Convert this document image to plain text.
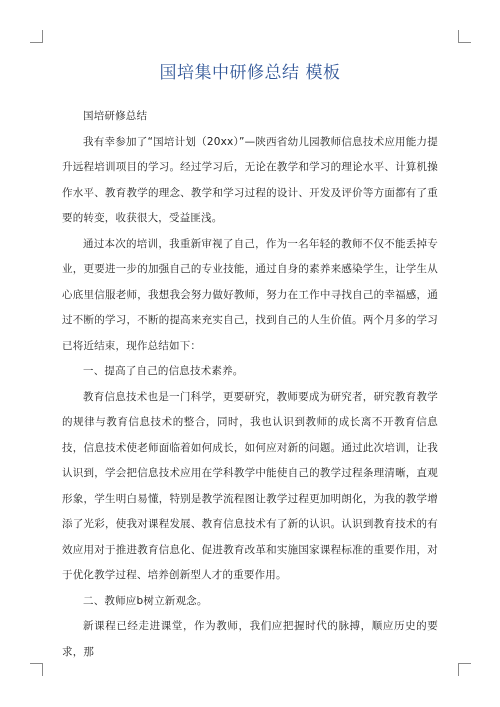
国培集中研修总结 模板

国培研修总结

我有幸参加了“国培计划（20xx）”—陕西省幼儿园教师信息技术应用能力提升远程培训项目的学习。经过学习后，无论在教学和学习的理论水平、计算机操作水平、教育教学的理念、教学和学习过程的设计、开发及评价等方面都有了重要的转变，收获很大，受益匪浅。

通过本次的培训，我重新审视了自己，作为一名年轻的教师不仅不能丢掉专业，更要进一步的加强自己的专业技能，通过自身的素养来感染学生，让学生从心底里信服老师，我想我会努力做好教师，努力在工作中寻找自己的幸福感，通过不断的学习，不断的提高来充实自己，找到自己的人生价值。两个月多的学习已将近结束，现作总结如下：

一、提高了自己的信息技术素养。

教育信息技术也是一门科学，更要研究，教师要成为研究者，研究教育教学的规律与教育信息技术的整合，同时，我也认识到教师的成长离不开教育信息技，信息技术使老师面临着如何成长，如何应对新的问题。通过此次培训，让我认识到，学会把信息技术应用在学科教学中能使自己的教学过程条理清晰，直观形象，学生明白易懂，特别是教学流程图让教学过程更加明朗化，为我的教学增添了光彩，使我对课程发展、教育信息技术有了新的认识。认识到教育技术的有效应用对于推进教育信息化、促进教育改革和实施国家课程标准的重要作用，对于优化教学过程、培养创新型人才的重要作用。

二、教师应b树立新观念。

新课程已经走进课堂，作为教师，我们应把握时代的脉搏，顺应历史的要求，那
